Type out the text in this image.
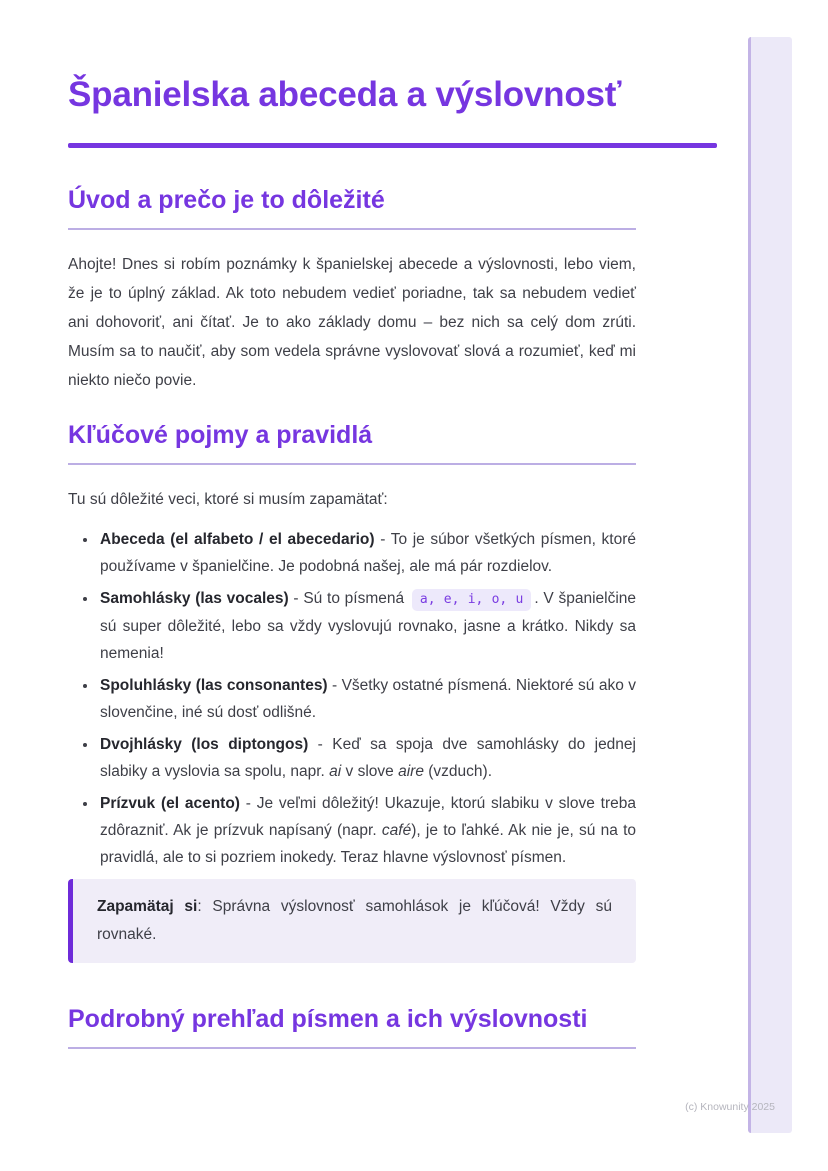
Španielska abeceda a výslovnosť
Úvod a prečo je to dôležité

Ahojte! Dnes si robím poznámky k španielskej abecede a výslovnosti, lebo viem, že je to úplný základ. Ak toto nebudem vedieť poriadne, tak sa nebudem vedieť ani dohovoriť, ani čítať. Je to ako základy domu – bez nich sa celý dom zrúti. Musím sa to naučiť, aby som vedela správne vyslovovať slová a rozumieť, keď mi niekto niečo povie.

Kľúčové pojmy a pravidlá

Tu sú dôležité veci, ktoré si musím zapamätať:

• Abeceda (el alfabeto / el abecedario) - To je súbor všetkých písmen, ktoré používame v španielčine. Je podobná našej, ale má pár rozdielov.
• Samohlásky (las vocales) - Sú to písmená a, e, i, o, u . V španielčine sú super dôležité, lebo sa vždy vyslovujú rovnako, jasne a krátko. Nikdy sa nemenia!
• Spoluhlásky (las consonantes) - Všetky ostatné písmená. Niektoré sú ako v slovenčine, iné sú dosť odlišné.
• Dvojhlásky (los diptongos) - Keď sa spoja dve samohlásky do jednej slabiky a vyslovia sa spolu, napr. ai v slove aire (vzduch).
• Prízvuk (el acento) - Je veľmi dôležitý! Ukazuje, ktorú slabiku v slove treba zdôrazniť. Ak je prízvuk napísaný (napr. café), je to ľahké. Ak nie je, sú na to pravidlá, ale to si pozriem inokedy. Teraz hlavne výslovnosť písmen.

Zapamätaj si: Správna výslovnosť samohlások je kľúčová! Vždy sú rovnaké.

Podrobný prehľad písmen a ich výslovnosti
(c) Knowunity 2025
